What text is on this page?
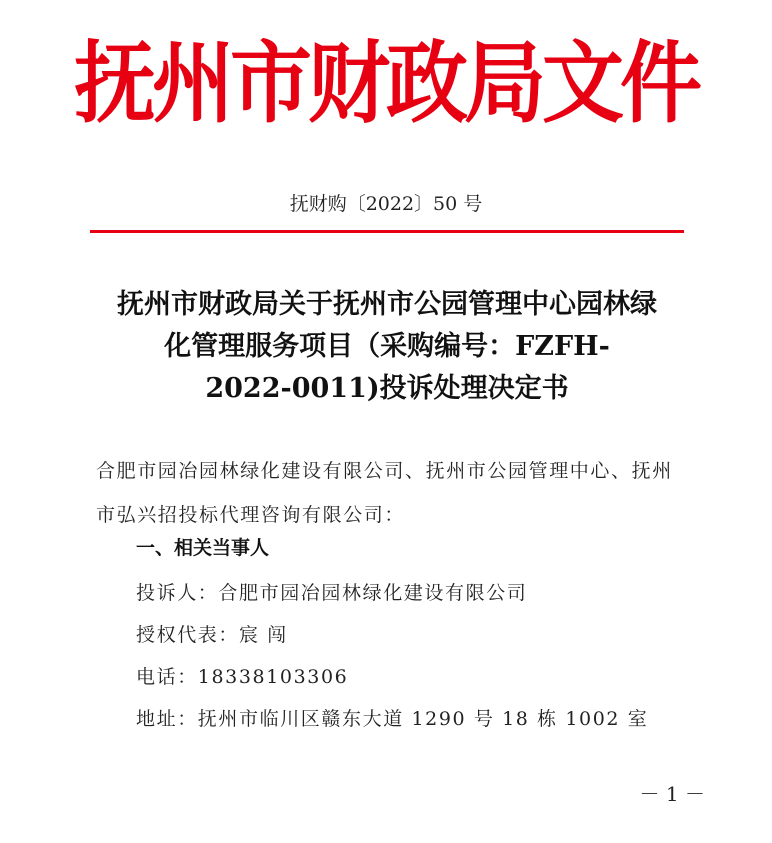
抚州市财政局文件
抚财购〔2022〕50 号
抚州市财政局关于抚州市公园管理中心园林绿
化管理服务项目（采购编号：FZFH-
2022-0011)投诉处理决定书
合肥市园冶园林绿化建设有限公司、抚州市公园管理中心、抚州
市弘兴招投标代理咨询有限公司：
一、相关当事人
投诉人：合肥市园冶园林绿化建设有限公司
授权代表：宸 闯
电话：18338103306
地址：抚州市临川区赣东大道 1290 号 18 栋 1002 室
－ 1 －
